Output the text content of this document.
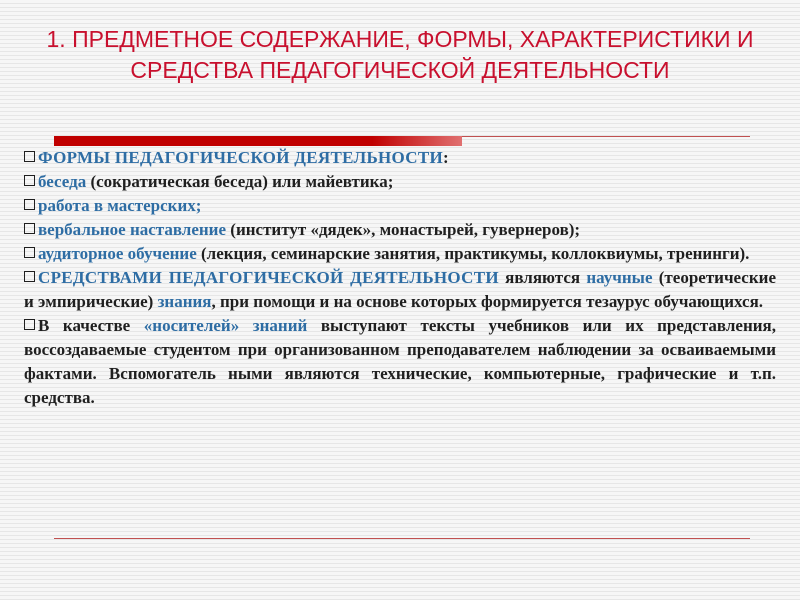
1. ПРЕДМЕТНОЕ СОДЕРЖАНИЕ, ФОРМЫ, ХАРАКТЕРИСТИКИ И СРЕДСТВА ПЕДАГОГИЧЕСКОЙ ДЕЯТЕЛЬНОСТИ
ФОРМЫ ПЕДАГОГИЧЕСКОЙ ДЕЯТЕЛЬНОСТИ:
беседа (сократическая беседа) или майевтика;
работа в мастерских;
вербальное наставление (институт «дядек», монастырей, гувернеров);
аудиторное обучение (лекция, семинарские занятия, практикумы, коллоквиумы, тренинги).
СРЕДСТВАМИ ПЕДАГОГИЧЕСКОЙ ДЕЯТЕЛЬНОСТИ являются научные (теоретические и эмпирические) знания, при помощи и на основе которых формируется тезаурус обучающихся.
В качестве «носителей» знаний выступают тексты учебников или их представления, воссоздаваемые студентом при организованном преподавателем наблюдении за осваиваемыми фактами. Вспомогатель ными являются технические, компьютерные, графические и т.п. средства.
